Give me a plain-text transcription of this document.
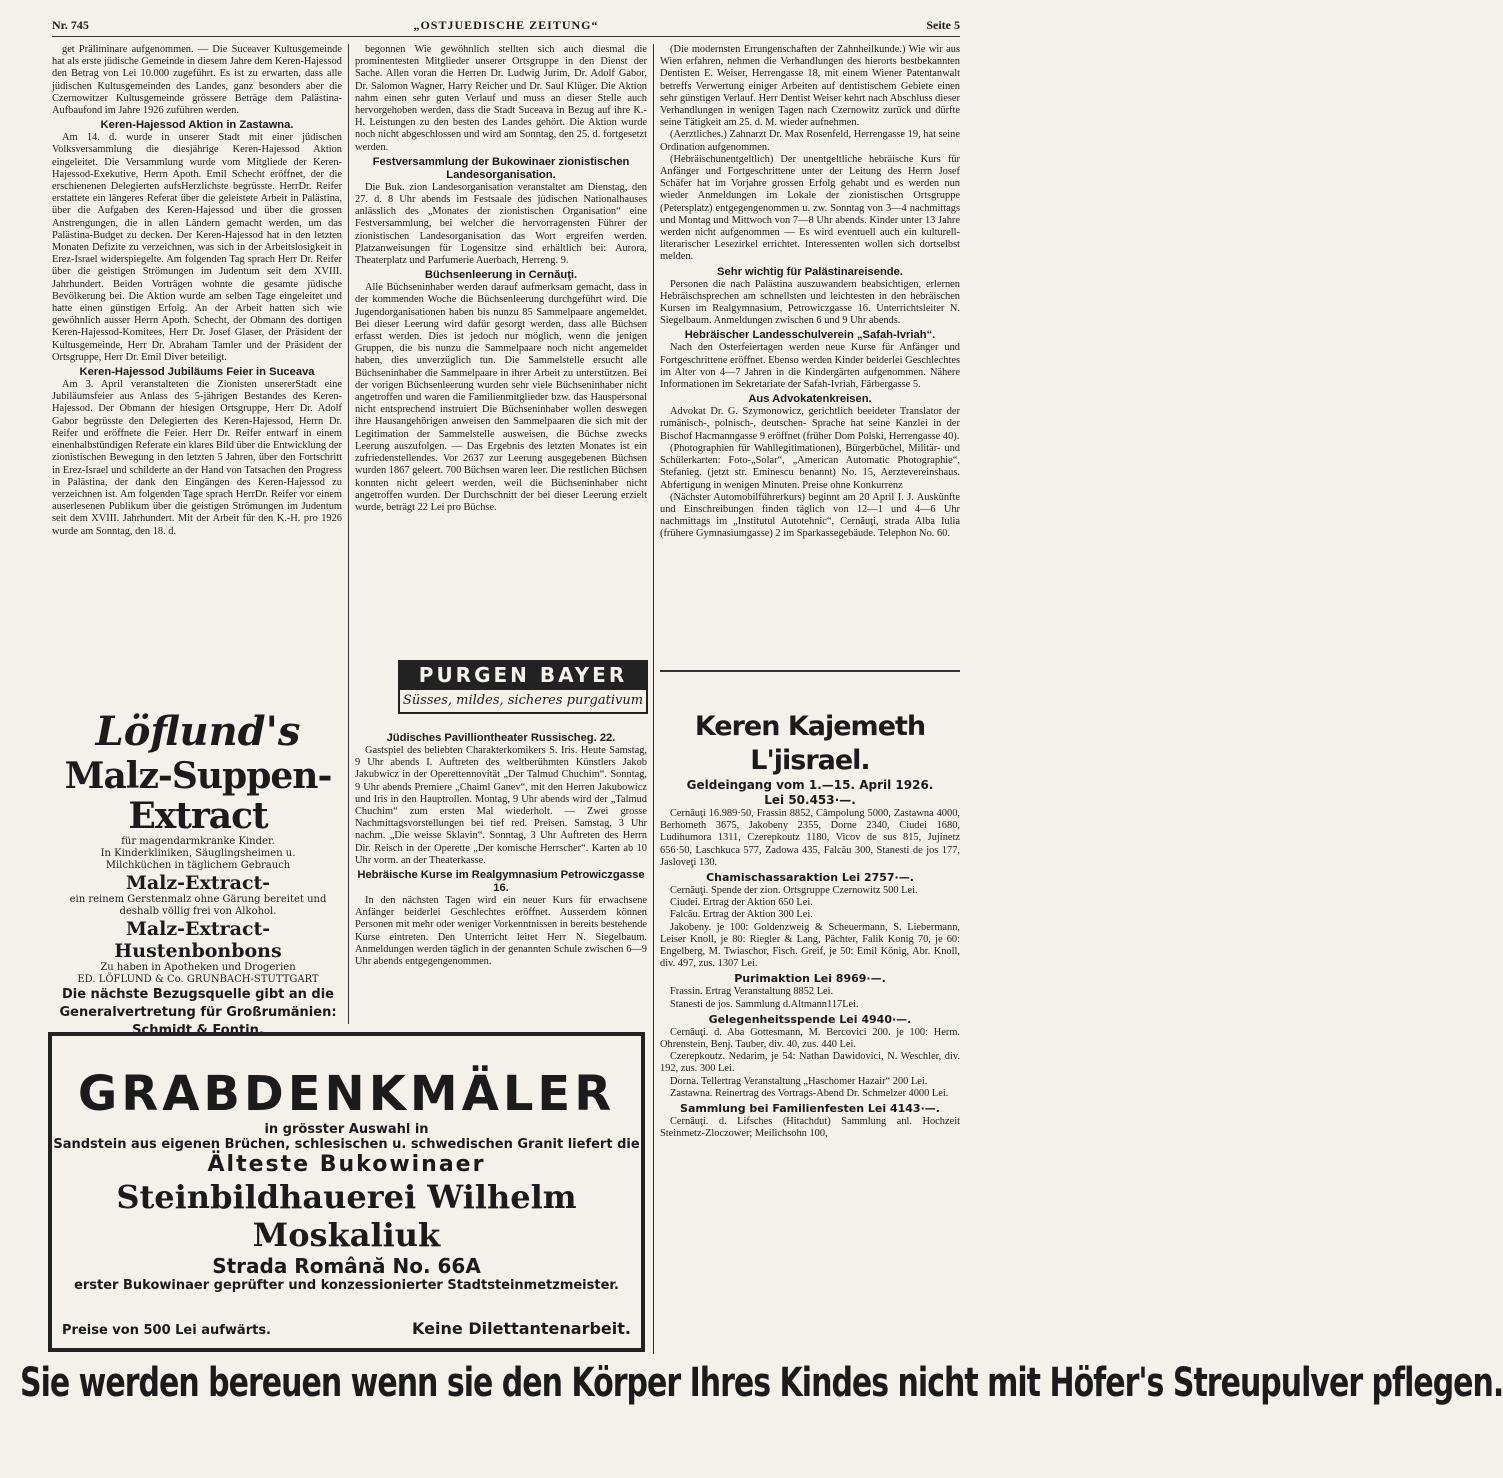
Nr. 745	„OSTJUEDISCHE ZEITUNG“	Seite 5

get Präliminare aufgenommen. — Die Suceaver Kultusgemeinde hat als erste jüdische Gemeinde in diesem Jahre dem Keren-Hajessod den Betrag von Lei 10.000 zugeführt. Es ist zu erwarten, dass alle jüdischen Kultusgemeinden des Landes, ganz besonders aber die Czernowitzer Kultusgemeinde grössere Beträge dem Palästina-Aufbaufond im Jahre 1926 zuführen werden.

Keren-Hajessod Aktion in Zastawna.

Am 14. d. wurde in unserer Stadt mit einer jüdischen Volksversammlung die diesjährige Keren-Hajessod Aktion eingeleitet. Die Versammlung wurde vom Mitgliede der Keren-Hajessod-Exekutive, Herrn Apoth. Emil Schecht eröffnet, der die erschienenen Delegierten aufsHerzlichste begrüsste. HerrDr. Reifer erstattete ein längeres Referat über die geleistete Arbeit in Palästina, über die Aufgaben des Keren-Hajessod und über die grossen Anstrengungen, die in allen Ländern gemacht werden, um das Palästina-Budget zu decken. Der Keren-Hajessod hat in den letzten Monaten Defizite zu verzeichnen, was sich in der Arbeitslosigkeit in Erez-Israel widerspiegelte. Am folgenden Tag sprach Herr Dr. Reifer über die geistigen Strömungen im Judentum seit dem XVIII. Jahrhundert. Beiden Vorträgen wohnte die gesamte jüdische Bevölkerung bei. Die Aktion wurde am selben Tage eingeleitet und hatte einen günstigen Erfolg. An der Arbeit hatten sich wie gewöhnlich ausser Herrn Apoth. Schecht, der Obmann des dortigen Keren-Hajessod-Komitees, Herr Dr. Josef Glaser, der Präsident der Kultusgemeinde, Herr Dr. Abraham Tamler und der Präsident der Ortsgruppe, Herr Dr. Emil Diver beteiligt.

Keren-Hajessod Jubiläums Feier in Suceava

Am 3. April veranstalteten die Zionisten unsererStadt eine Jubiläumsfeier aus Anlass des 5-jährigen Bestandes des Keren-Hajessod. Der Obmann der hiesigen Ortsgruppe, Herr Dr. Adolf Gabor begrüsste den Delegierten des Keren-Hajessod, Herrn Dr. Reifer und eröffnete die Feier. Herr Dr. Reifer entwarf in einem einenhalbstündigen Referate ein klares Bild über die Entwicklung der zionistischen Bewegung in den letzten 5 Jahren, über den Fortschritt in Erez-Israel und schilderte an der Hand von Tatsachen den Progress in Palästina, der dank den Eingängen des Keren-Hajessod zu verzeichnen ist. Am folgenden Tage sprach HerrDr. Reifer vor einem auserlesenen Publikum über die geistigen Strömungen im Judentum seit dem XVIII. Jahrhundert. Mit der Arbeit für den K.-H. pro 1926 wurde am Sonntag, den 18. d.

begonnen Wie gewöhnlich stellten sich auch diesmal die prominentesten Mitglieder unserer Ortsgruppe in den Dienst der Sache. Allen voran die Herren Dr. Ludwig Jurim, Dr. Adolf Gabor, Dr. Salomon Wagner, Harry Reicher und Dr. Saul Klüger. Die Aktion nahm einen sehr guten Verlauf und muss an dieser Stelle auch hervorgehoben werden, dass die Stadt Suceava in Bezug auf ihre K.-H. Leistungen zu den besten des Landes gehört. Die Aktion wurde noch nicht abgeschlossen und wird am Sonntag, den 25. d. fortgesetzt werden.

Festversammlung der Bukowinaer zionistischen Landesorganisation.

Die Buk. zion Landesorganisation veranstaltet am Dienstag, den 27. d. 8 Uhr abends im Festsaale des jüdischen Nationalhauses anlässlich des „Monates der zionistischen Organisation“ eine Festversammlung, bei welcher die hervorragensten Führer der zionistischen Landesorganisation das Wort ergreifen werden. Platzanweisungen für Logensitze sind erhältlich bei: Aurora, Theaterplatz und Parfumerie Auerbach, Herreng. 9.

Büchsenleerung in Cernăuţi.

Alle Büchseninhaber werden darauf aufmerksam gemacht, dass in der kommenden Woche die Büchsenleerung durchgeführt wird. Die Jugendorganisationen haben bis nunzu 85 Sammelpaare angemeldet. Bei dieser Leerung wird dafür gesorgt werden, dass alle Büchsen erfasst werden. Dies ist jedoch nur möglich, wenn die jenigen Gruppen, die bis nunzu die Sammelpaare noch nicht angemeldet haben, dies unverzüglich tun. Die Sammelstelle ersucht alle Büchseninhaber die Sammelpaare in ihrer Arbeit zu unterstützen. Bei der vorigen Büchsenleerung wurden sehr viele Büchseninhaber nicht angetroffen und waren die Familienmitglieder bzw. das Hauspersonal nicht entsprechend instruiert Die Büchseninhaber wollen deswegen ihre Hausangehörigen anweisen den Sammelpaaren die sich mit der Legitimation der Sammelstelle ausweisen, die Büchse zwecks Leerung auszufolgen. — Das Ergebnis des letzten Monates ist ein zufriedenstellendes. Vor 2637 zur Leerung ausgegebenen Büchsen wurden 1867 geleert. 700 Büchsen waren leer. Die restlichen Büchsen konnten nicht geleert werden, weil die Büchseninhaber nicht angetroffen wurden. Der Durchschnitt der bei dieser Leerung erzielt wurde, beträgt 22 Lei pro Büchse.

PURGEN BAYER
Süsses, mildes, sicheres purgativum
Jüdisches Pavilliontheater Russischeg. 22.

Gastspiel des beliebten Charakterkomikers S. Iris. Heute Samstag, 9 Uhr abends I. Auftreten des weltberühmten Künstlers Jakob Jakubwicz in der Operettennovität „Der Talmud Chuchim“. Sonntag, 9 Uhr abends Premiere „Chaiml Ganev“, mit den Herren Jakubowicz und Iris in den Hauptrollen. Montag, 9 Uhr abends wird der „Talmud Chuchim“ zum ersten Mal wiederholt. — Zwei grosse Nachmittagsvorstellungen bei tief red. Preisen. Samstag, 3 Uhr nachm. „Die weisse Sklavin“. Sonntag, 3 Uhr Auftreten des Herrn Dir. Reisch in der Operette „Der komische Herrscher“. Karten ab 10 Uhr vorm. an der Theaterkasse.

Hebräische Kurse im Realgymnasium Petrowiczgasse 16.

In den nächsten Tagen wird ein neuer Kurs für erwachsene Anfänger beiderlei Geschlechtes eröffnet. Ausserdem können Personen mit mehr oder weniger Vorkenntnissen in bereits bestehende Kurse eintreten. Den Unterricht leitet Herr N. Siegelbaum. Anmeldungen werden täglich in der genannten Schule zwischen 6—9 Uhr abends entgegengenommen.

(Die modernsten Errungenschaften der Zahnheilkunde.) Wie wir aus Wien erfahren, nehmen die Verhandlungen des hierorts bestbekannten Dentisten E. Weiser, Herrengasse 18, mit einem Wiener Patentanwalt betreffs Verwertung einiger Arbeiten auf dentistischem Gebiete einen sehr günstigen Verlauf. Herr Dentist Weiser kehrt nach Abschluss dieser Verhandlungen in wenigen Tagen nach Czernowitz zurück und dürfte seine Tätigkeit am 25. d. M. wieder aufnehmen.

(Aerztliches.) Zahnarzt Dr. Max Rosenfeld, Herrengasse 19, hat seine Ordination aufgenommen.

(Hebräischunentgeltlich) Der unentgeltliche hebräische Kurs für Anfänger und Fortgeschrittene unter der Leitung des Herrn Josef Schäfer hat im Vorjahre grossen Erfolg gehabt und es werden nun wieder Anmeldungen im Lokale der zionistischen Ortsgruppe (Petersplatz) entgegengenommen u. zw. Sonntag von 3—4 nachmittags und Montag und Mittwoch von 7—8 Uhr abends. Kinder unter 13 Jahre werden nicht aufgenommen — Es wird eventuell auch ein kulturell-literarischer Lesezirkel errichtet. Interessenten wollen sich dortselbst melden.

Sehr wichtig für Palästinareisende.

Personen die nach Palästina auszuwandern beabsichtigen, erlernen Hebräischsprechen am schnellsten und leichtesten in den hebräischen Kursen im Realgymnasium, Petrowiczgasse 16. Unterrichtsleiter N. Siegelbaum. Anmeldungen zwischen 6 und 9 Uhr abends.

Hebräischer Landesschulverein „Safah-Ivriah“.

Nach den Osterfeiertagen werden neue Kurse für Anfänger und Fortgeschrittene eröffnet. Ebenso werden Kinder beiderlei Geschlechtes im Alter von 4—7 Jahren in die Kindergärten aufgenommen. Nähere Informationen im Sekretariate der Safah-Ivriah, Färbergasse 5.

Aus Advokatenkreisen.

Advokat Dr. G. Szymonowicz, gerichtlich beeideter Translator der rumänisch-, polnisch-, deutschen- Sprache hat seine Kanzlei in der Bischof Hacmanngasse 9 eröffnet (früher Dom Polski, Herrengasse 40).

(Photographien für Wahllegitimationen), Bürgerbüchel, Militär- und Schülerkarten: Foto-„Solar“, „American Automatic Photographie“, Stefanieg. (jetzt str. Eminescu benannt) No. 15, Aerztevereinshaus. Abfertigung in wenigen Minuten. Preise ohne Konkurrenz

(Nächster Automobilführerkurs) beginnt am 20 April I. J. Auskünfte und Einschreibungen finden täglich von 12—1 und 4—6 Uhr nachmittags im „Institutul Autotehnic“, Cernăuţi, strada Alba Iulia (frühere Gymnasiumgasse) 2 im Sparkassegebäude. Telephon No. 60.

Keren Kajemeth L'jisrael.
Geldeingang vom 1.—15. April 1926.
Lei 50.453·—.

Cernăuţi 16.989·50, Frassin 8852, Câmpolung 5000, Zastawna 4000, Berhometh 3675, Jakobeny 2355, Dorne 2340, Ciudei 1680, Ludihumora 1311, Czerepkoutz 1180, Vicov de sus 815, Jujinetz 656·50, Laschkuca 577, Zadowa 435, Falcău 300, Stanesti de jos 177, Jasloveţi 130.

Chamischassaraktion Lei 2757·—.

Cernăuţi. Spende der zion. Ortsgruppe Czernowitz 500 Lei.

Ciudei. Ertrag der Aktion 650 Lei.

Falcău. Ertrag der Aktion 300 Lei.

Jakobeny. je 100: Goldenzweig & Scheuermann, S. Liebermann, Leiser Knoll, je 80: Riegler & Lang, Pächter, Falik Konig 70, je 60: Engelberg, M. Twiaschor, Fisch. Greif, je 50: Emil König, Abr. Knoll, div. 497, zus. 1307 Lei.

Purimaktion Lei 8969·—.

Frassin. Ertrag Veranstaltung 8852 Lei.

Stanesti de jos. Sammlung d.Altmann117Lei.

Gelegenheitsspende Lei 4940·—.

Cernăuţi. d. Aba Gottesmann, M. Bercovici 200. je 100: Herm. Ohrenstein, Benj. Tauber, div. 40, zus. 440 Lei.

Czerepkoutz. Nedarim, je 54: Nathan Dawidovici, N. Weschler, div. 192, zus. 300 Lei.

Dorna. Tellertrag Veranstaltung „Haschomer Hazair“ 200 Lei.

Zastawna. Reinertrag des Vortrags-Abend Dr. Schmelzer 4000 Lei.

Sammlung bei Familienfesten Lei 4143·—.

Cernăuţi. d. Lifsches (Hitachdut) Sammlung anl. Hochzeit Steinmetz-Zloczower; Meilichsohn 100,

Löflund's
Malz-Suppen-Extract
für magendarmkranke Kinder.
In Kinderkliniken, Säuglingsheimen u.
Milchküchen in täglichem Gebrauch
Malz-Extract-
ein reinem Gerstenmalz ohne Gärung bereitet und deshalb völlig frei von Alkohol.
Malz-Extract-
Hustenbonbons
Zu haben in Apotheken und Drogerien
ED. LÖFLUND & Co. GRUNBACH-STUTTGART
Die nächste Bezugsquelle gibt an die
Generalvertretung für Großrumänien:
Schmidt & Fontin.
GRABDENKMÄLER
in grösster Auswahl in
Sandstein aus eigenen Brüchen, schlesischen u. schwedischen Granit liefert die
Älteste Bukowinaer
Steinbildhauerei Wilhelm Moskaliuk
Strada Română No. 66A
erster Bukowinaer geprüfter und konzessionierter Stadtsteinmetzmeister.
Preise von 500 Lei aufwärts.	Keine Dilettantenarbeit.
Sie werden bereuen wenn sie den Körper Ihres Kindes nicht mit Höfer's Streupulver pflegen.
